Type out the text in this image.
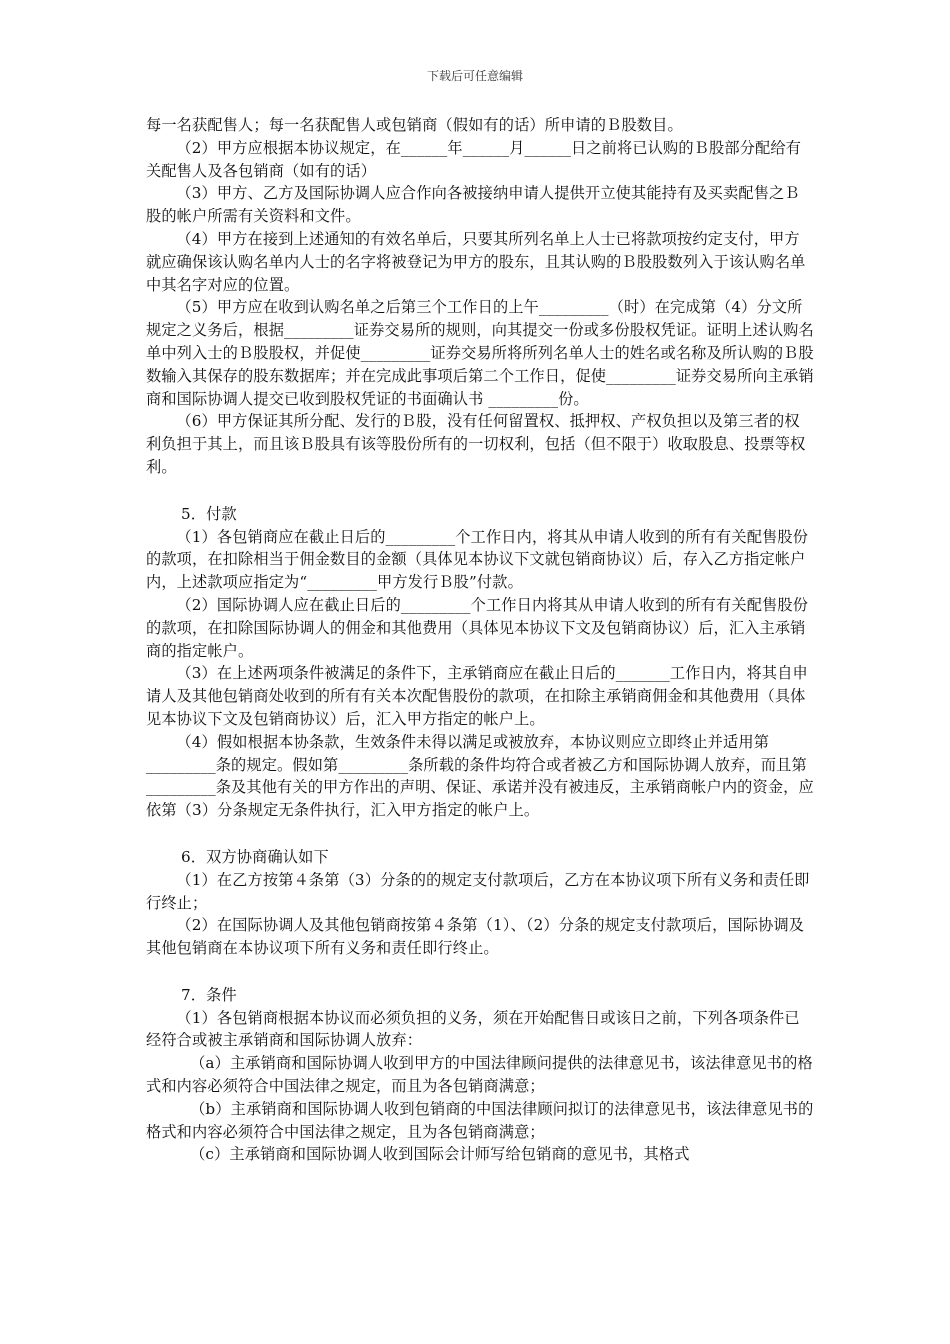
下载后可任意编辑

每一名获配售人；每一名获配售人或包销商（假如有的话）所申请的Ｂ股数目。

（2）甲方应根据本协议规定，在______年______月______日之前将已认购的Ｂ股部分配给有关配售人及各包销商（如有的话）

（3）甲方、乙方及国际协调人应合作向各被接纳申请人提供开立使其能持有及买卖配售之Ｂ股的帐户所需有关资料和文件。

（4）甲方在接到上述通知的有效名单后，只要其所列名单上人士已将款项按约定支付，甲方就应确保该认购名单内人士的名字将被登记为甲方的股东，且其认购的Ｂ股股数列入于该认购名单中其名字对应的位置。

（5）甲方应在收到认购名单之后第三个工作日的上午_________（时）在完成第（4）分文所规定之义务后，根据_________证券交易所的规则，向其提交一份或多份股权凭证。证明上述认购名单中列入士的Ｂ股股权，并促使_________证券交易所将所列名单人士的姓名或名称及所认购的Ｂ股数输入其保存的股东数据库；并在完成此事项后第二个工作日，促使_________证券交易所向主承销商和国际协调人提交已收到股权凭证的书面确认书 _________份。

（6）甲方保证其所分配、发行的Ｂ股，没有任何留置权、抵押权、产权负担以及第三者的权利负担于其上，而且该Ｂ股具有该等股份所有的一切权利，包括（但不限于）收取股息、投票等权利。

5．付款

（1）各包销商应在截止日后的_________个工作日内，将其从申请人收到的所有有关配售股份的款项，在扣除相当于佣金数目的金额（具体见本协议下文就包销商协议）后，存入乙方指定帐户内，上述款项应指定为“_________甲方发行Ｂ股”付款。

（2）国际协调人应在截止日后的_________个工作日内将其从申请人收到的所有有关配售股份的款项，在扣除国际协调人的佣金和其他费用（具体见本协议下文及包销商协议）后，汇入主承销商的指定帐户。

（3）在上述两项条件被满足的条件下，主承销商应在截止日后的_______工作日内，将其自申请人及其他包销商处收到的所有有关本次配售股份的款项，在扣除主承销商佣金和其他费用（具体见本协议下文及包销商协议）后，汇入甲方指定的帐户上。

（4）假如根据本协条款，生效条件未得以满足或被放弃，本协议则应立即终止并适用第_________条的规定。假如第_________条所载的条件均符合或者被乙方和国际协调人放弃，而且第_________条及其他有关的甲方作出的声明、保证、承诺并没有被违反，主承销商帐户内的资金，应依第（3）分条规定无条件执行，汇入甲方指定的帐户上。

6．双方协商确认如下

（1）在乙方按第４条第（3）分条的的规定支付款项后，乙方在本协议项下所有义务和责任即行终止；

（2）在国际协调人及其他包销商按第４条第（1）、（2）分条的规定支付款项后，国际协调及其他包销商在本协议项下所有义务和责任即行终止。

7．条件

（1）各包销商根据本协议而必须负担的义务，须在开始配售日或该日之前，下列各项条件已经符合或被主承销商和国际协调人放弃：

（a）主承销商和国际协调人收到甲方的中国法律顾问提供的法律意见书，该法律意见书的格式和内容必须符合中国法律之规定，而且为各包销商满意；

（b）主承销商和国际协调人收到包销商的中国法律顾问拟订的法律意见书，该法律意见书的格式和内容必须符合中国法律之规定，且为各包销商满意；

（c）主承销商和国际协调人收到国际会计师写给包销商的意见书，其格式
